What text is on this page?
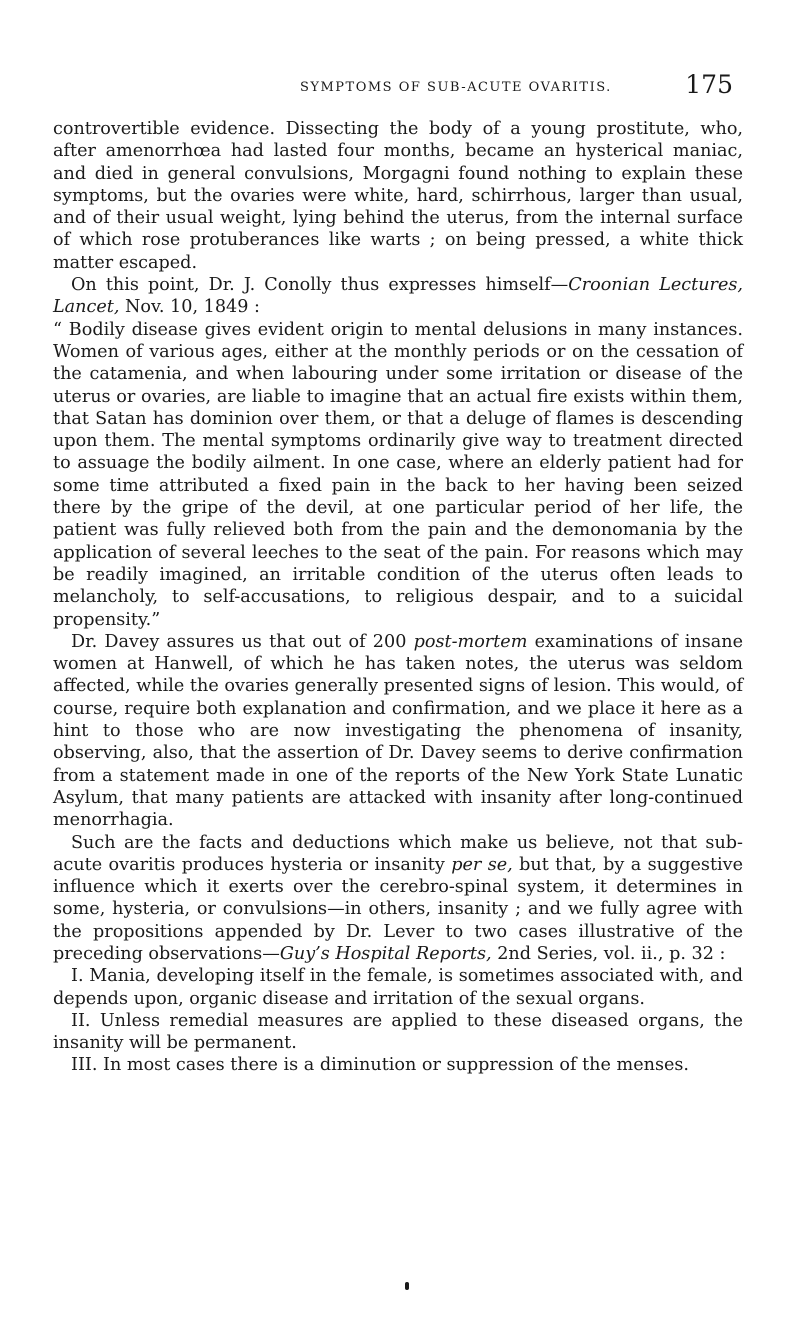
SYMPTOMS OF SUB-ACUTE OVARITIS.	175

controvertible evidence. Dissecting the body of a young prostitute, who, after amenorrhœa had lasted four months, became an hysterical maniac, and died in general convulsions, Morgagni found nothing to explain these symptoms, but the ovaries were white, hard, schirrhous, larger than usual, and of their usual weight, lying behind the uterus, from the internal surface of which rose protuberances like warts ; on being pressed, a white thick matter escaped.

On this point, Dr. J. Conolly thus expresses himself—Croonian Lectures, Lancet, Nov. 10, 1849 :

“ Bodily disease gives evident origin to mental delusions in many instances. Women of various ages, either at the monthly periods or on the cessation of the catamenia, and when labouring under some irritation or disease of the uterus or ovaries, are liable to imagine that an actual fire exists within them, that Satan has dominion over them, or that a deluge of flames is descending upon them. The mental symptoms ordinarily give way to treatment directed to assuage the bodily ailment. In one case, where an elderly patient had for some time attributed a fixed pain in the back to her having been seized there by the gripe of the devil, at one particular period of her life, the patient was fully relieved both from the pain and the demonomania by the application of several leeches to the seat of the pain. For reasons which may be readily imagined, an irritable condition of the uterus often leads to melancholy, to self-accusations, to religious despair, and to a suicidal propensity.”

Dr. Davey assures us that out of 200 post-mortem examinations of insane women at Hanwell, of which he has taken notes, the uterus was seldom affected, while the ovaries generally presented signs of lesion. This would, of course, require both explanation and confirmation, and we place it here as a hint to those who are now investigating the phenomena of insanity, observing, also, that the assertion of Dr. Davey seems to derive confirmation from a statement made in one of the reports of the New York State Lunatic Asylum, that many patients are attacked with insanity after long-continued menorrhagia.

Such are the facts and deductions which make us believe, not that sub-acute ovaritis produces hysteria or insanity per se, but that, by a suggestive influence which it exerts over the cerebro-spinal system, it determines in some, hysteria, or convulsions—in others, insanity ; and we fully agree with the propositions appended by Dr. Lever to two cases illustrative of the preceding observations—Guy’s Hospital Reports, 2nd Series, vol. ii., p. 32 :

I. Mania, developing itself in the female, is sometimes associated with, and depends upon, organic disease and irritation of the sexual organs.

II. Unless remedial measures are applied to these diseased organs, the insanity will be permanent.

III. In most cases there is a diminution or suppression of the menses.
